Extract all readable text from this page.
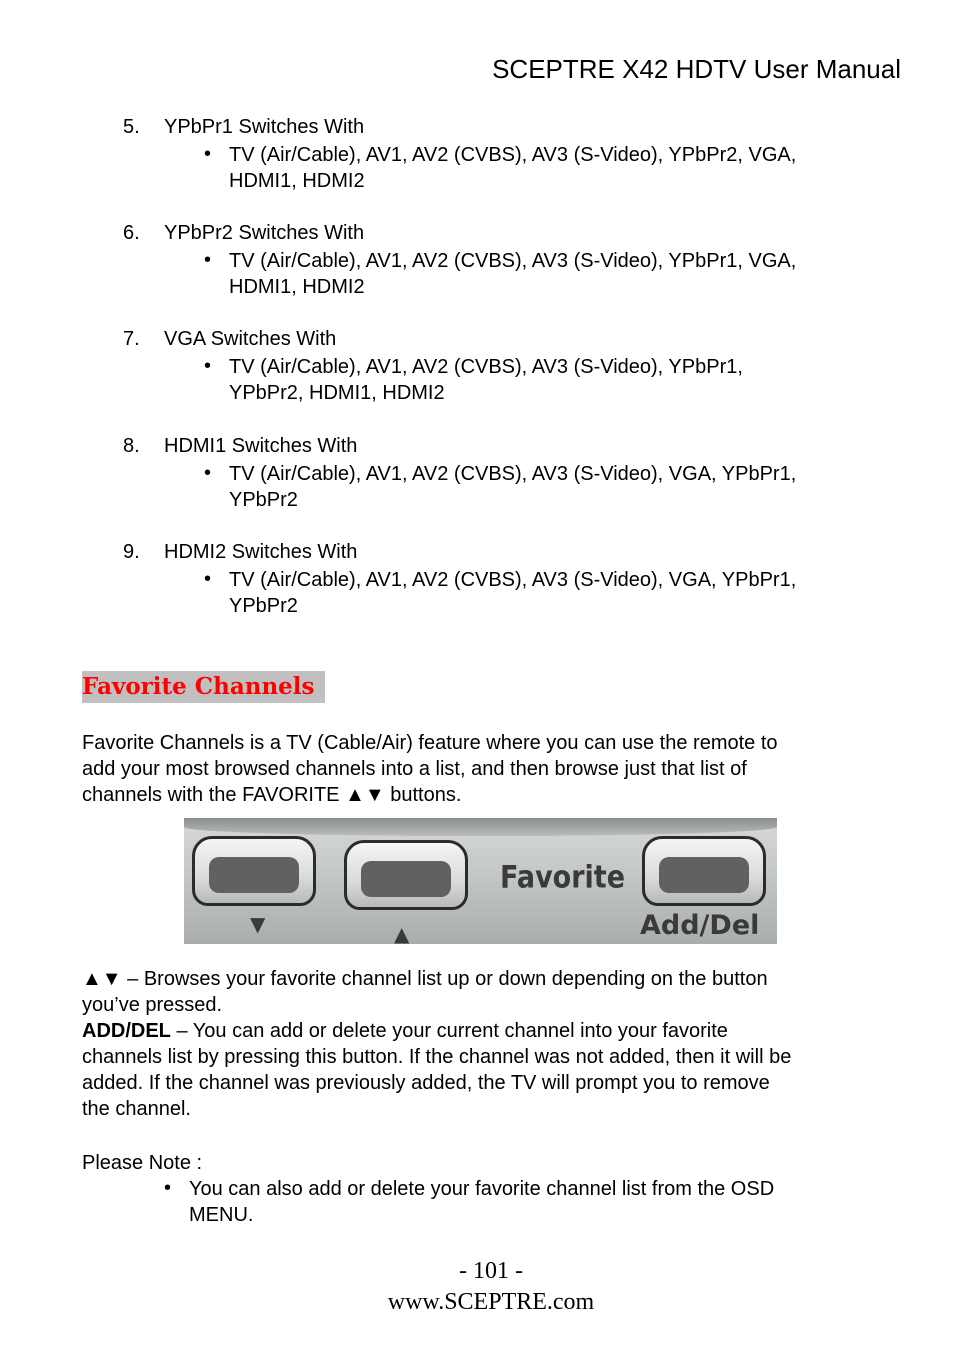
SCEPTRE X42 HDTV User Manual
5. YPbPr1 Switches With
• TV (Air/Cable), AV1, AV2 (CVBS), AV3 (S-Video), YPbPr2, VGA,
HDMI1, HDMI2
6. YPbPr2 Switches With
• TV (Air/Cable), AV1, AV2 (CVBS), AV3 (S-Video), YPbPr1, VGA,
HDMI1, HDMI2
7. VGA Switches With
• TV (Air/Cable), AV1, AV2 (CVBS), AV3 (S-Video), YPbPr1,
YPbPr2, HDMI1, HDMI2
8. HDMI1 Switches With
• TV (Air/Cable), AV1, AV2 (CVBS), AV3 (S-Video), VGA, YPbPr1,
YPbPr2
9. HDMI2 Switches With
• TV (Air/Cable), AV1, AV2 (CVBS), AV3 (S-Video), VGA, YPbPr1,
YPbPr2
Favorite Channels
Favorite Channels is a TV (Cable/Air) feature where you can use the remote to
add your most browsed channels into a list, and then browse just that list of
channels with the FAVORITE ▲▼ buttons.
▼	▲
Favorite
Add/Del
▲▼ – Browses your favorite channel list up or down depending on the button
you’ve pressed.
ADD/DEL – You can add or delete your current channel into your favorite
channels list by pressing this button. If the channel was not added, then it will be
added. If the channel was previously added, the TV will prompt you to remove
the channel.
Please Note :
• You can also add or delete your favorite channel list from the OSD
MENU.
- 101 -
www.SCEPTRE.com
